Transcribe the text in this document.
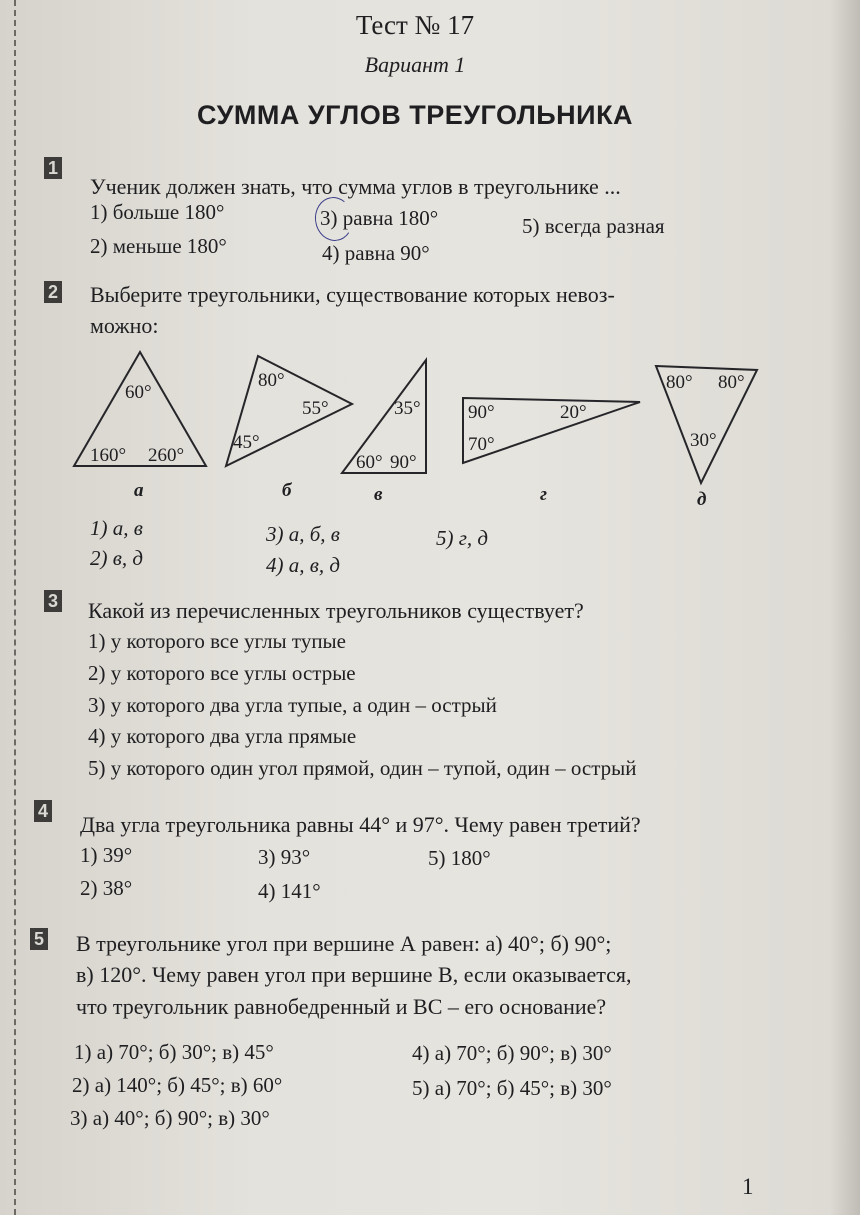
Тест № 17
Вариант 1
СУММА УГЛОВ ТРЕУГОЛЬНИКА
1
Ученик должен знать, что сумма углов в треугольнике ...
1) больше 180°
2) меньше 180°
3) равна 180°
4) равна 90°
5) всегда разная
2 Выберите треугольники, существование которых невоз-
можно:
60°
160° 260°
80°
55°
45°
35°
60° 90°
90°	20°
70°
80° 80°
30°
а	б	в	г	д
1) а, в
2) в, д
3) а, б, в
4) а, в, д
5) г, д
3 Какой из перечисленных треугольников существует?
1) у которого все углы тупые
2) у которого все углы острые
3) у которого два угла тупые, а один – острый
4) у которого два угла прямые
5) у которого один угол прямой, один – тупой, один – острый
4
Два угла треугольника равны 44° и 97°. Чему равен третий?
1) 39°
2) 38°
3) 93°
4) 141°
5) 180°
5 В треугольнике угол при вершине А равен: а) 40°; б) 90°;
в) 120°. Чему равен угол при вершине В, если оказывается,
что треугольник равнобедренный и ВС – его основание?
1) а) 70°; б) 30°; в) 45°
2) а) 140°; б) 45°; в) 60°
3) а) 40°; б) 90°; в) 30°
4) а) 70°; б) 90°; в) 30°
5) а) 70°; б) 45°; в) 30°
1
